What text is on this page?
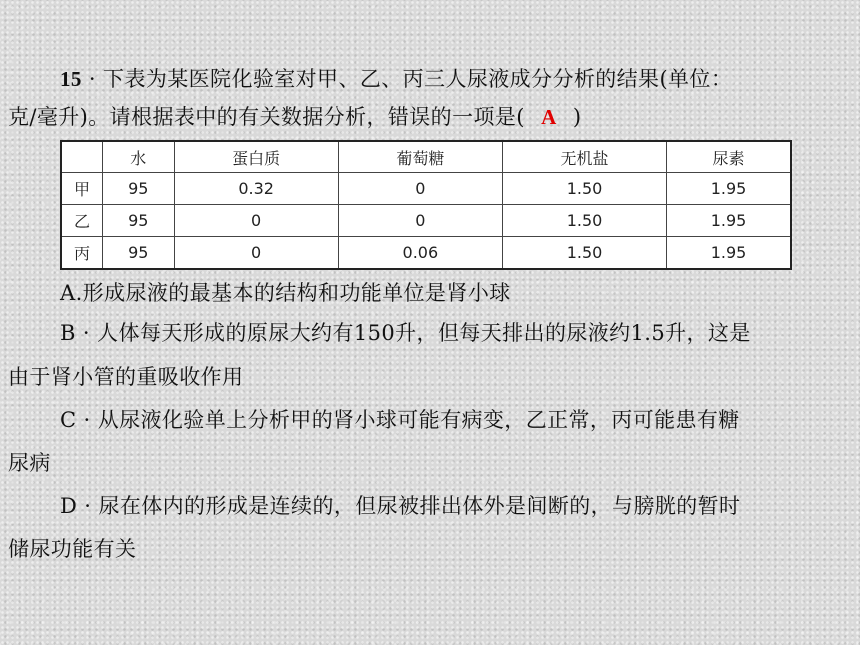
15 · 下表为某医院化验室对甲、乙、丙三人尿液成分分析的结果(单位：
克/毫升)。请根据表中的有关数据分析，错误的一项是( A )
	水	蛋白质	葡萄糖	无机盐	尿素
甲	95	0.32	0	1.50	1.95
乙	95	0	0	1.50	1.95
丙	95	0	0.06	1.50	1.95
A.形成尿液的最基本的结构和功能单位是肾小球
B · 人体每天形成的原尿大约有150升，但每天排出的尿液约1.5升，这是
由于肾小管的重吸收作用
C · 从尿液化验单上分析甲的肾小球可能有病变，乙正常，丙可能患有糖
尿病
D · 尿在体内的形成是连续的，但尿被排出体外是间断的，与膀胱的暂时
储尿功能有关
